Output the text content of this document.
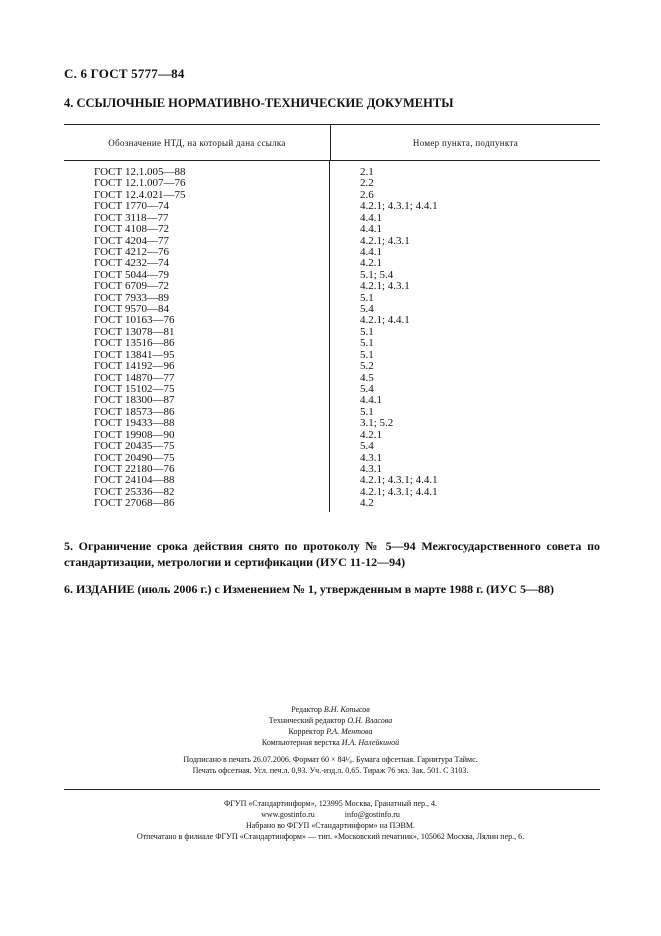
С. 6 ГОСТ 5777—84
4. ССЫЛОЧНЫЕ НОРМАТИВНО-ТЕХНИЧЕСКИЕ ДОКУМЕНТЫ
Обозначение НТД, на который дана ссылка	Номер пункта, подпункта
ГОСТ 12.1.005—88
ГОСТ 12.1.007—76
ГОСТ 12.4.021—75
ГОСТ 1770—74
ГОСТ 3118—77
ГОСТ 4108—72
ГОСТ 4204—77
ГОСТ 4212—76
ГОСТ 4232—74
ГОСТ 5044—79
ГОСТ 6709—72
ГОСТ 7933—89
ГОСТ 9570—84
ГОСТ 10163—76
ГОСТ 13078—81
ГОСТ 13516—86
ГОСТ 13841—95
ГОСТ 14192—96
ГОСТ 14870—77
ГОСТ 15102—75
ГОСТ 18300—87
ГОСТ 18573—86
ГОСТ 19433—88
ГОСТ 19908—90
ГОСТ 20435—75
ГОСТ 20490—75
ГОСТ 22180—76
ГОСТ 24104—88
ГОСТ 25336—82
ГОСТ 27068—86
2.1
2.2
2.6
4.2.1; 4.3.1; 4.4.1
4.4.1
4.4.1
4.2.1; 4.3.1
4.4.1
4.2.1
5.1; 5.4
4.2.1; 4.3.1
5.1
5.4
4.2.1; 4.4.1
5.1
5.1
5.1
5.2
4.5
5.4
4.4.1
5.1
3.1; 5.2
4.2.1
5.4
4.3.1
4.3.1
4.2.1; 4.3.1; 4.4.1
4.2.1; 4.3.1; 4.4.1
4.2
5. Ограничение срока действия снято по протоколу № 5—94 Межгосударственного совета по стандартизации, метрологии и сертификации (ИУС 11-12—94)
6. ИЗДАНИЕ (июль 2006 г.) с Изменением № 1, утвержденным в марте 1988 г. (ИУС 5—88)
Редактор В.Н. Копысов
Технический редактор О.Н. Власова
Корректор Р.А. Ментова
Компьютерная верстка И.А. Налейкиной
Подписано в печать 26.07.2006. Формат 60 × 84¹⁄₈. Бумага офсетная. Гарнитура Таймс.
Печать офсетная. Усл. печ.л. 0,93. Уч.-изд.л. 0,65. Тираж 76 экз. Зак. 501. С 3103.
ФГУП «Стандартинформ», 123995 Москва, Гранатный пер., 4.
www.gostinfo.ru	info@gostinfo.ru
Набрано во ФГУП «Стандартинформ» на ПЭВМ.
Отпечатано в филиале ФГУП «Стандартинформ» — тип. «Московский печатник», 105062 Москва, Лялин пер., 6.
